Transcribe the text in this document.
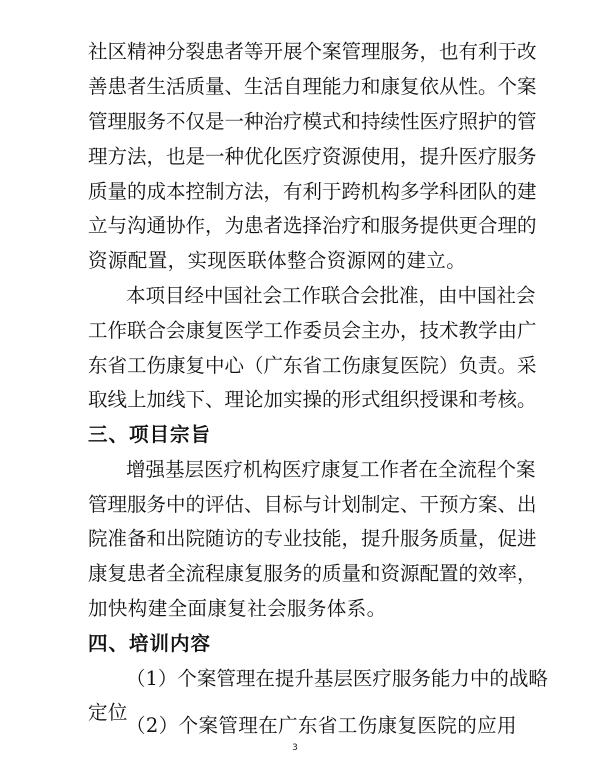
社区精神分裂患者等开展个案管理服务，也有利于改
善患者生活质量、生活自理能力和康复依从性。个案
管理服务不仅是一种治疗模式和持续性医疗照护的管
理方法，也是一种优化医疗资源使用，提升医疗服务
质量的成本控制方法，有利于跨机构多学科团队的建
立与沟通协作，为患者选择治疗和服务提供更合理的
资源配置，实现医联体整合资源网的建立。
本项目经中国社会工作联合会批准，由中国社会
工作联合会康复医学工作委员会主办，技术教学由广
东省工伤康复中心（广东省工伤康复医院）负责。采
取线上加线下、理论加实操的形式组织授课和考核。
三、项目宗旨
增强基层医疗机构医疗康复工作者在全流程个案
管理服务中的评估、目标与计划制定、干预方案、出
院准备和出院随访的专业技能，提升服务质量，促进
康复患者全流程康复服务的质量和资源配置的效率，
加快构建全面康复社会服务体系。
四、培训内容
（1）个案管理在提升基层医疗服务能力中的战略
定位
3
（2）个案管理在广东省工伤康复医院的应用
